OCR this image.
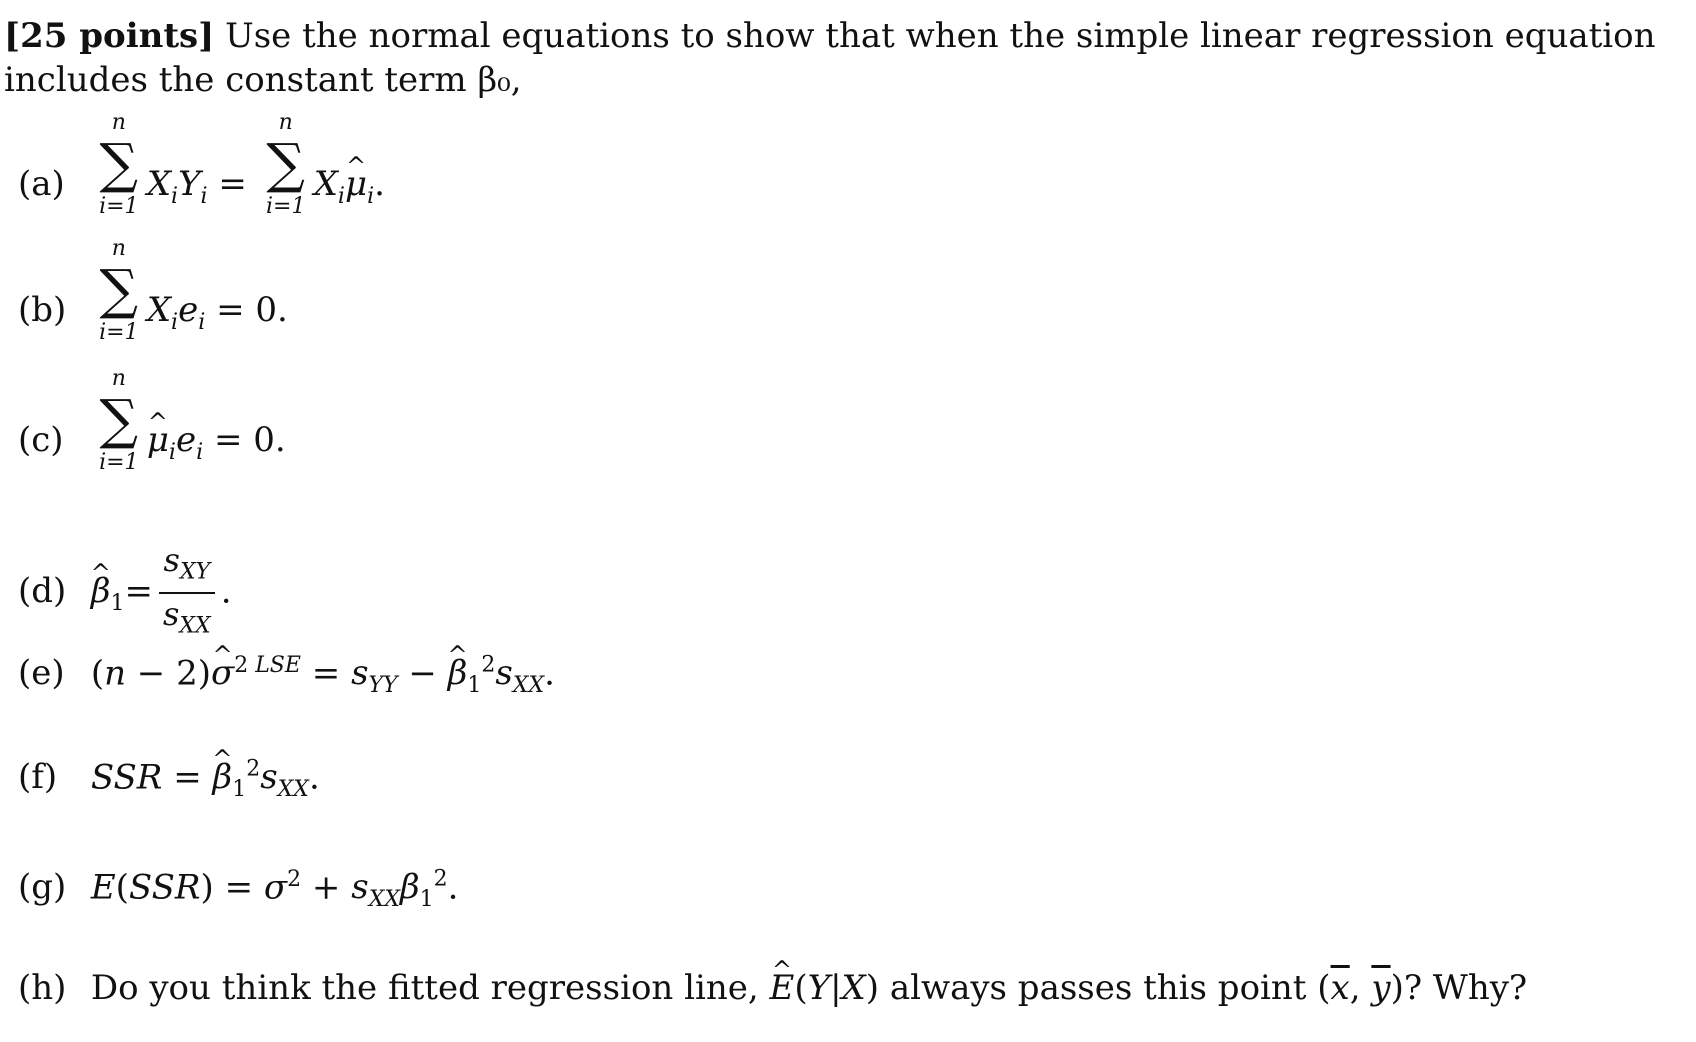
[25 points] Use the normal equations to show that when the simple linear regression equation includes the constant term β₀,
(a)
n
∑
i=1
$X_iY_i$ =
n
∑
i=1
$X_i\^{}$ $\mu_i$.
(b)
n
∑
i=1
$X_ie_i = 0$.
(c)
n
∑
i=1
^ $\mu_ie_i = 0$.
(d) ^ $\beta_1= \frac{s_{XY}}{s_{XX}}$ .
(e) (n − 2)^ $\sigma^2$ $^{LSE} = s_{YY}$ − ^ $\beta_1^2s_{XX}$.
(f) SSR = ^ $\beta_1^2s_{XX}$.
(g) $E(SSR) = \sigma^2 + s_{XX}\beta_1^2$.
(h) Do you think the fitted regression line, ^ E(Y|X) always passes this point ($\overline{x}$, $\overline{y}$)? Why?
